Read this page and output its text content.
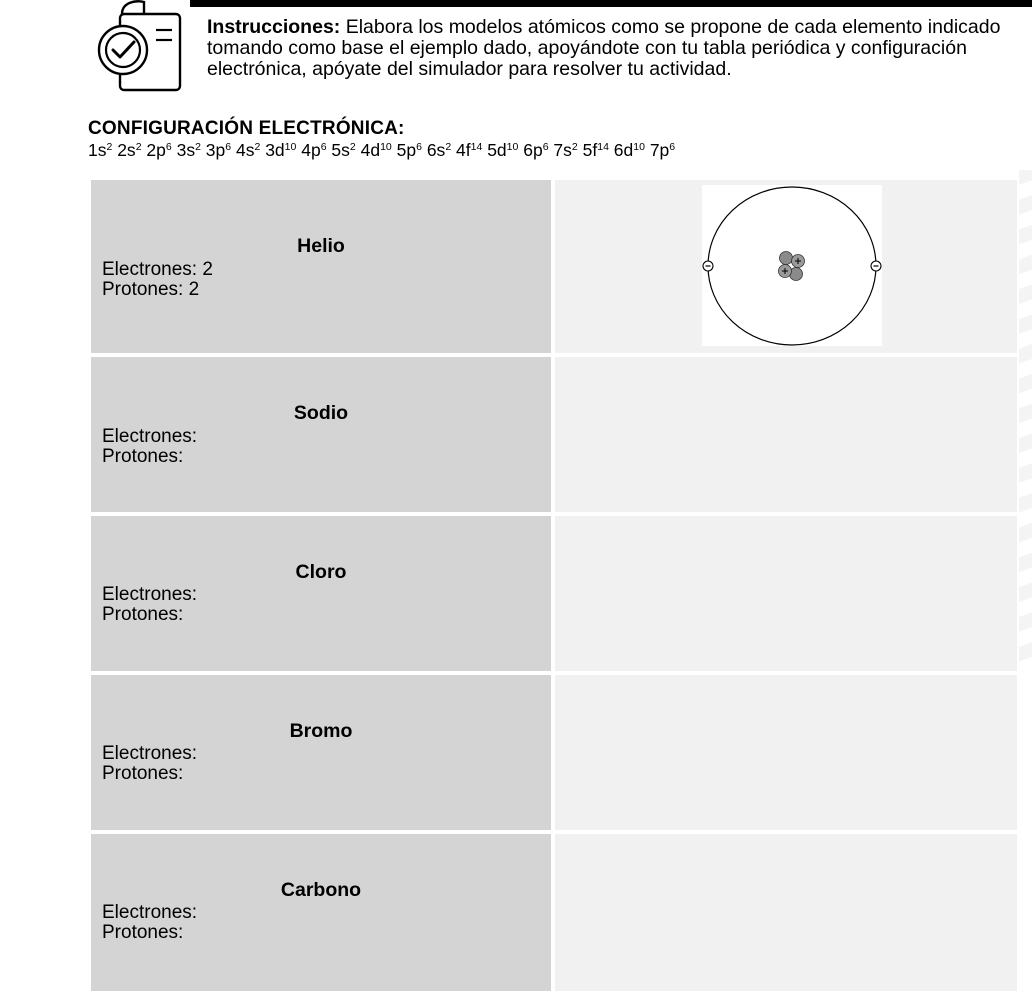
Instrucciones: Elabora los modelos atómicos como se propone de cada elemento indicado tomando como base el ejemplo dado, apoyándote con tu tabla periódica y configuración electrónica, apóyate del simulador para resolver tu actividad.
CONFIGURACIÓN ELECTRÓNICA:
$1s^2$ $2s^2$ $2p^6$ $3s^2$ $3p^6$ $4s^2$ $3d^{10}$ $4p^6$ $5s^2$ $4d^{10}$ $5p^6$ $6s^2$ $4f^{14}$ $5d^{10}$ $6p^6$ $7s^2$ $5f^{14}$ $6d^{10}$ $7p^6$
Helio
Electrones: 2
Protones: 2
Sodio
Electrones:
Protones:
Cloro
Electrones:
Protones:
Bromo
Electrones:
Protones:
Carbono
Electrones:
Protones:
